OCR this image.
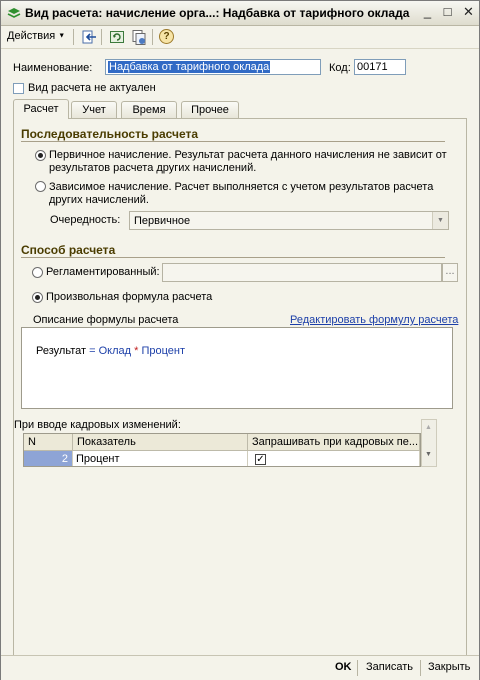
Вид расчета: начисление орга...: Надбавка от тарифного оклада	_ □ ✕
Действия ▼	?
Наименование: Надбавка от тарифного оклада	Код: 00171
Вид расчета не актуален
Расчет	Учет	Время	Прочее
Последовательность расчета
Первичное начисление. Результат расчета данного начисления не зависит от
результатов расчета других начислений.
Зависимое начисление. Расчет выполняется с учетом результатов расчета
других начислений.
Очередность: Первичное	▼
Способ расчета
Регламентированный:	...
Произвольная формула расчета
Описание формулы расчета	Редактировать формулу расчета
Результат = Оклад * Процент
При вводе кадровых изменений:
N	Показатель	Запрашивать при кадровых пе...
2 Процент	✓
▲
▼
OK Записать Закрыть
